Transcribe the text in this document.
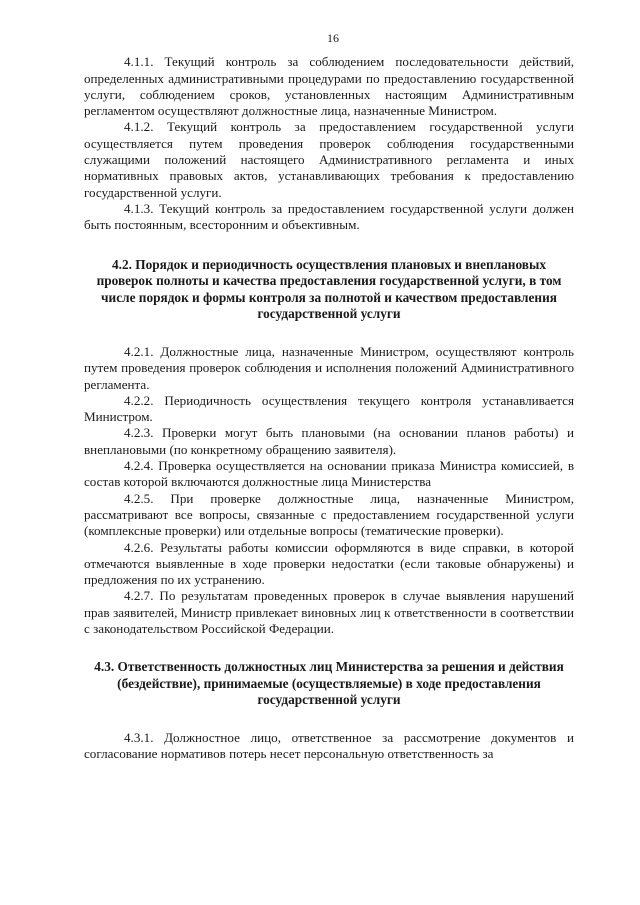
16

4.1.1. Текущий контроль за соблюдением последовательности действий, определенных административными процедурами по предоставлению государственной услуги, соблюдением сроков, установленных настоящим Административным регламентом осуществляют должностные лица, назначенные Министром.

4.1.2. Текущий контроль за предоставлением государственной услуги осуществляется путем проведения проверок соблюдения государственными служащими положений настоящего Административного регламента и иных нормативных правовых актов, устанавливающих требования к предоставлению государственной услуги.

4.1.3. Текущий контроль за предоставлением государственной услуги должен быть постоянным, всесторонним и объективным.

4.2. Порядок и периодичность осуществления плановых и внеплановых проверок полноты и качества предоставления государственной услуги, в том числе порядок и формы контроля за полнотой и качеством предоставления государственной услуги

4.2.1. Должностные лица, назначенные Министром, осуществляют контроль путем проведения проверок соблюдения и исполнения положений Административного регламента.

4.2.2. Периодичность осуществления текущего контроля устанавливается Министром.

4.2.3. Проверки могут быть плановыми (на основании планов работы) и внеплановыми (по конкретному обращению заявителя).

4.2.4. Проверка осуществляется на основании приказа Министра комиссией, в состав которой включаются должностные лица Министерства

4.2.5. При проверке должностные лица, назначенные Министром, рассматривают все вопросы, связанные с предоставлением государственной услуги (комплексные проверки) или отдельные вопросы (тематические проверки).

4.2.6. Результаты работы комиссии оформляются в виде справки, в которой отмечаются выявленные в ходе проверки недостатки (если таковые обнаружены) и предложения по их устранению.

4.2.7. По результатам проведенных проверок в случае выявления нарушений прав заявителей, Министр привлекает виновных лиц к ответственности в соответствии с законодательством Российской Федерации.

4.3. Ответственность должностных лиц Министерства за решения и действия (бездействие), принимаемые (осуществляемые) в ходе предоставления государственной услуги

4.3.1. Должностное лицо, ответственное за рассмотрение документов и согласование нормативов потерь несет персональную ответственность за
